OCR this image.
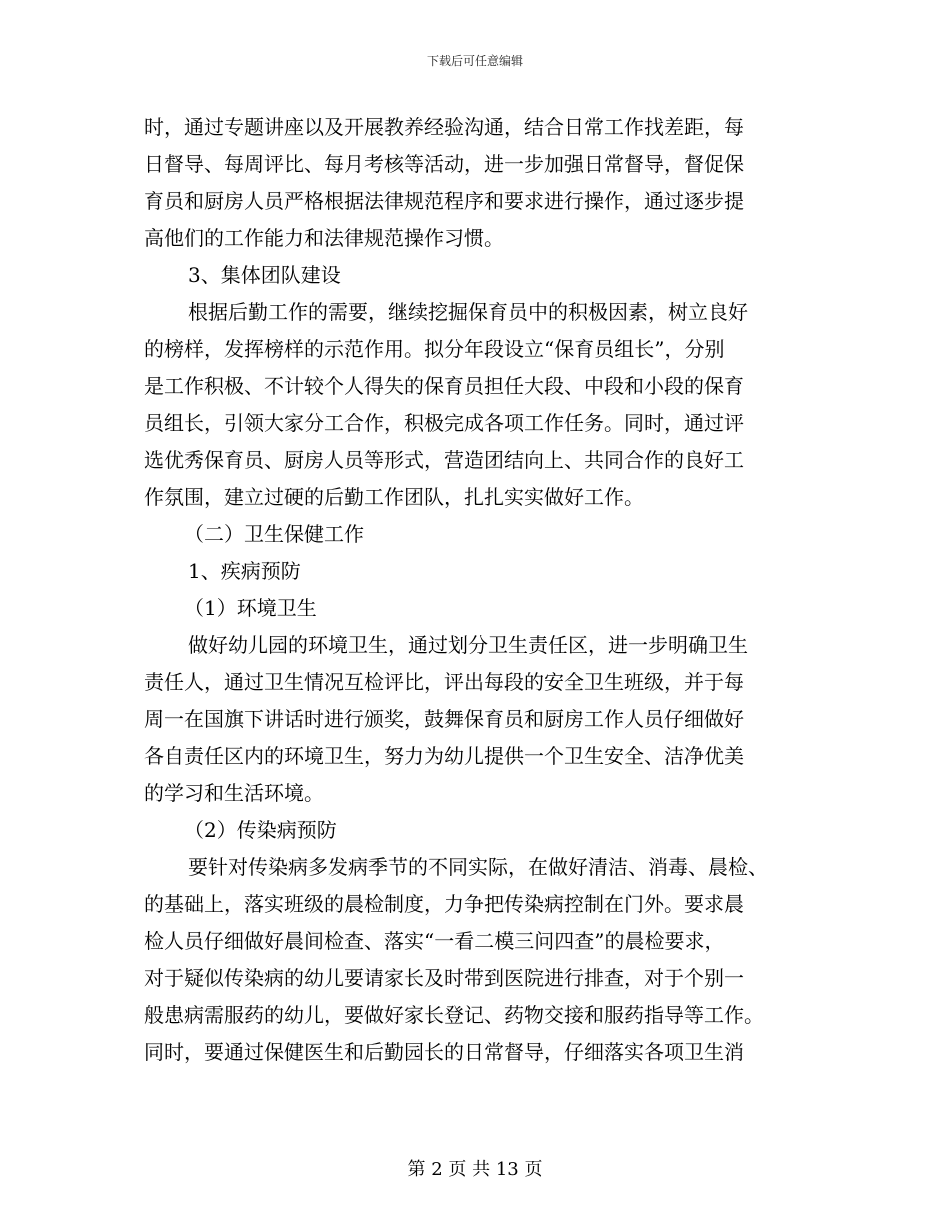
下载后可任意编辑
时，通过专题讲座以及开展教养经验沟通，结合日常工作找差距，每
日督导、每周评比、每月考核等活动，进一步加强日常督导，督促保
育员和厨房人员严格根据法律规范程序和要求进行操作，通过逐步提
高他们的工作能力和法律规范操作习惯。
3、集体团队建设
根据后勤工作的需要，继续挖掘保育员中的积极因素，树立良好
的榜样，发挥榜样的示范作用。拟分年段设立“保育员组长”，分别
是工作积极、不计较个人得失的保育员担任大段、中段和小段的保育
员组长，引领大家分工合作，积极完成各项工作任务。同时，通过评
选优秀保育员、厨房人员等形式，营造团结向上、共同合作的良好工
作氛围，建立过硬的后勤工作团队，扎扎实实做好工作。
（二）卫生保健工作
1、疾病预防
（1）环境卫生
做好幼儿园的环境卫生，通过划分卫生责任区，进一步明确卫生
责任人，通过卫生情况互检评比，评出每段的安全卫生班级，并于每
周一在国旗下讲话时进行颁奖，鼓舞保育员和厨房工作人员仔细做好
各自责任区内的环境卫生，努力为幼儿提供一个卫生安全、洁净优美
的学习和生活环境。
（2）传染病预防
要针对传染病多发病季节的不同实际，在做好清洁、消毒、晨检、
的基础上，落实班级的晨检制度，力争把传染病控制在门外。要求晨
检人员仔细做好晨间检查、落实“一看二模三问四查”的晨检要求，
对于疑似传染病的幼儿要请家长及时带到医院进行排查，对于个别一
般患病需服药的幼儿，要做好家长登记、药物交接和服药指导等工作。
同时，要通过保健医生和后勤园长的日常督导，仔细落实各项卫生消
第 2 页 共 13 页
